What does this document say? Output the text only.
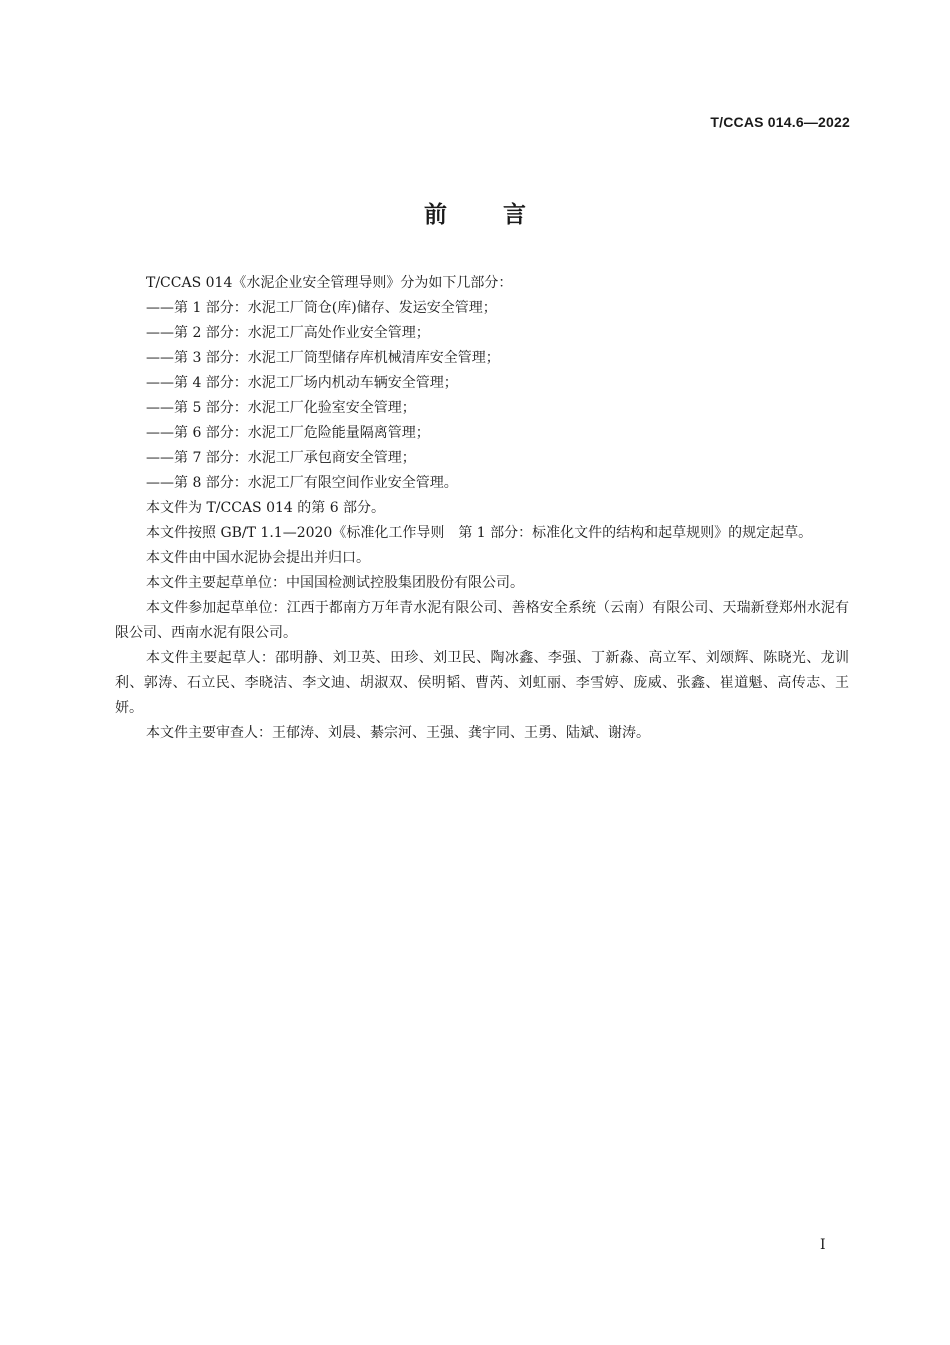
T/CCAS 014.6—2022

前言

T/CCAS 014《水泥企业安全管理导则》分为如下几部分：

——第 1 部分：水泥工厂筒仓(库)储存、发运安全管理；

——第 2 部分：水泥工厂高处作业安全管理；

——第 3 部分：水泥工厂筒型储存库机械清库安全管理；

——第 4 部分：水泥工厂场内机动车辆安全管理；

——第 5 部分：水泥工厂化验室安全管理；

——第 6 部分：水泥工厂危险能量隔离管理；

——第 7 部分：水泥工厂承包商安全管理；

——第 8 部分：水泥工厂有限空间作业安全管理。

本文件为 T/CCAS 014 的第 6 部分。

本文件按照 GB/T 1.1—2020《标准化工作导则　第 1 部分：标准化文件的结构和起草规则》的规定起草。

本文件由中国水泥协会提出并归口。

本文件主要起草单位：中国国检测试控股集团股份有限公司。

本文件参加起草单位：江西于都南方万年青水泥有限公司、善格安全系统（云南）有限公司、天瑞新登郑州水泥有限公司、西南水泥有限公司。

本文件主要起草人：邵明静、刘卫英、田珍、刘卫民、陶冰鑫、李强、丁新淼、高立军、刘颂辉、陈晓光、龙训利、郭涛、石立民、李晓洁、李文迪、胡淑双、侯明韬、曹芮、刘虹丽、李雪婷、庞威、张鑫、崔道魁、高传志、王妍。

本文件主要审查人：王郁涛、刘晨、綦宗河、王强、龚宇同、王勇、陆斌、谢涛。

I
